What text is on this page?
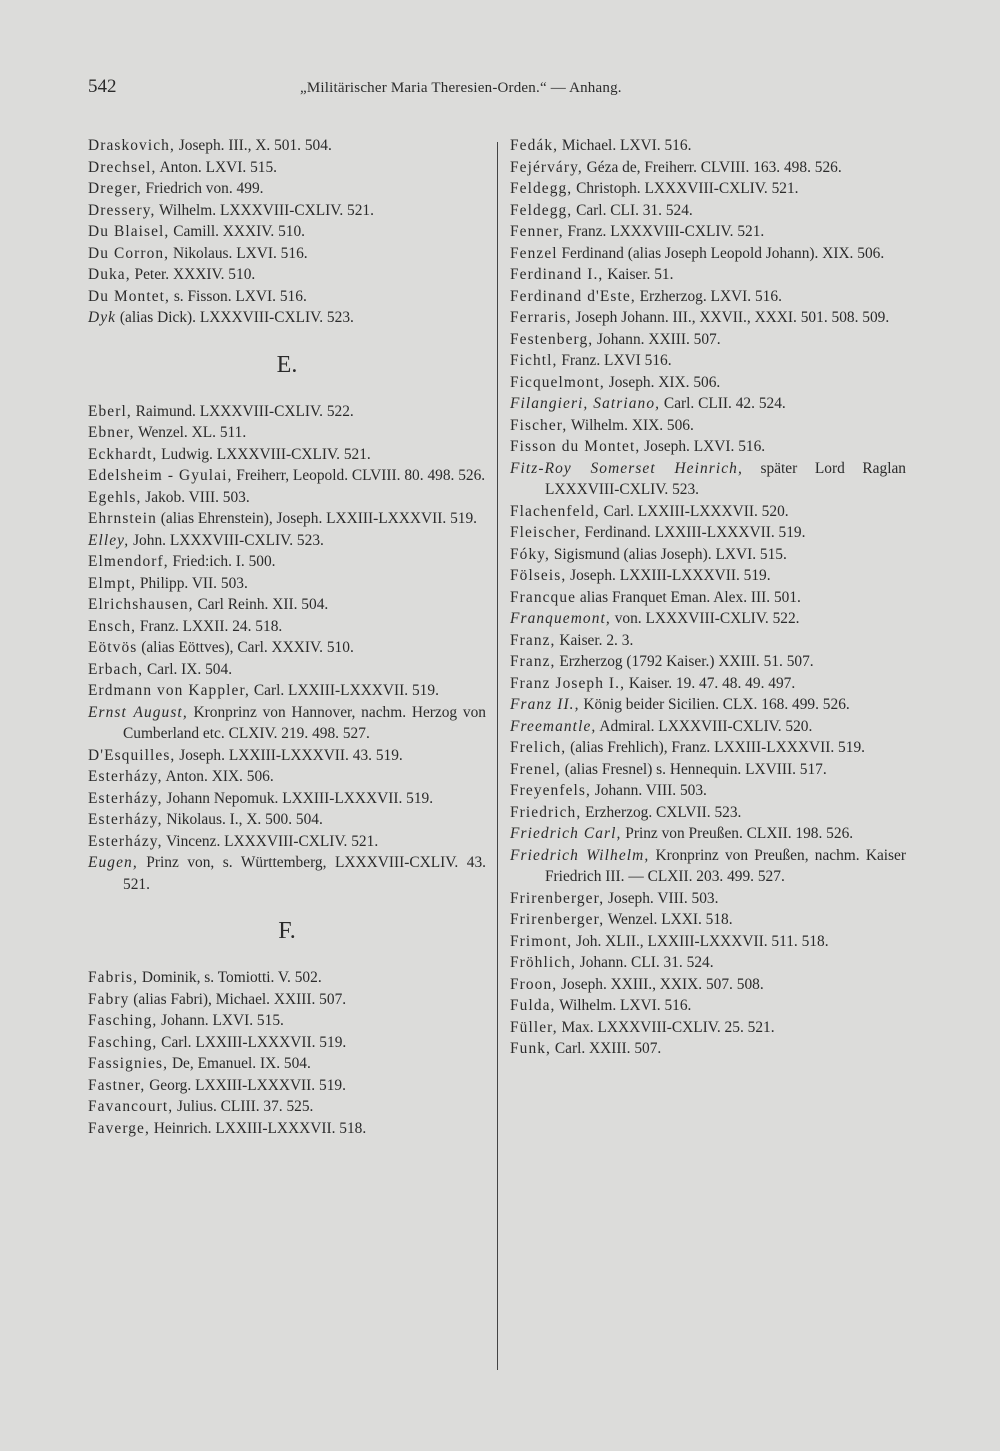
542	„Militärischer Maria Theresien-Orden.“ — Anhang.

Draskovich, Joseph. III., X. 501. 504.

Drechsel, Anton. LXVI. 515.

Dreger, Friedrich von. 499.

Dressery, Wilhelm. LXXXVIII-CXLIV. 521.

Du Blaisel, Camill. XXXIV. 510.

Du Corron, Nikolaus. LXVI. 516.

Duka, Peter. XXXIV. 510.

Du Montet, s. Fisson. LXVI. 516.

Dyk (alias Dick). LXXXVIII-CXLIV. 523.

E.

Eberl, Raimund. LXXXVIII-CXLIV. 522.

Ebner, Wenzel. XL. 511.

Eckhardt, Ludwig. LXXXVIII-CXLIV. 521.

Edelsheim - Gyulai, Freiherr, Leopold. CLVIII. 80. 498. 526.

Egehls, Jakob. VIII. 503.

Ehrnstein (alias Ehrenstein), Joseph. LXXIII-LXXXVII. 519.

Elley, John. LXXXVIII-CXLIV. 523.

Elmendorf, Fried:ich. I. 500.

Elmpt, Philipp. VII. 503.

Elrichshausen, Carl Reinh. XII. 504.

Ensch, Franz. LXXII. 24. 518.

Eötvös (alias Eöttves), Carl. XXXIV. 510.

Erbach, Carl. IX. 504.

Erdmann von Kappler, Carl. LXXIII-LXXXVII. 519.

Ernst August, Kronprinz von Hannover, nachm. Herzog von Cumberland etc. CLXIV. 219. 498. 527.

D'Esquilles, Joseph. LXXIII-LXXXVII. 43. 519.

Esterházy, Anton. XIX. 506.

Esterházy, Johann Nepomuk. LXXIII-LXXXVII. 519.

Esterházy, Nikolaus. I., X. 500. 504.

Esterházy, Vincenz. LXXXVIII-CXLIV. 521.

Eugen, Prinz von, s. Württemberg, LXXXVIII-CXLIV. 43. 521.

F.

Fabris, Dominik, s. Tomiotti. V. 502.

Fabry (alias Fabri), Michael. XXIII. 507.

Fasching, Johann. LXVI. 515.

Fasching, Carl. LXXIII-LXXXVII. 519.

Fassignies, De, Emanuel. IX. 504.

Fastner, Georg. LXXIII-LXXXVII. 519.

Favancourt, Julius. CLIII. 37. 525.

Faverge, Heinrich. LXXIII-LXXXVII. 518.

Fedák, Michael. LXVI. 516.

Fejérváry, Géza de, Freiherr. CLVIII. 163. 498. 526.

Feldegg, Christoph. LXXXVIII-CXLIV. 521.

Feldegg, Carl. CLI. 31. 524.

Fenner, Franz. LXXXVIII-CXLIV. 521.

Fenzel Ferdinand (alias Joseph Leopold Johann). XIX. 506.

Ferdinand I., Kaiser. 51.

Ferdinand d'Este, Erzherzog. LXVI. 516.

Ferraris, Joseph Johann. III., XXVII., XXXI. 501. 508. 509.

Festenberg, Johann. XXIII. 507.

Fichtl, Franz. LXVI 516.

Ficquelmont, Joseph. XIX. 506.

Filangieri, Satriano, Carl. CLII. 42. 524.

Fischer, Wilhelm. XIX. 506.

Fisson du Montet, Joseph. LXVI. 516.

Fitz-Roy Somerset Heinrich, später Lord Raglan LXXXVIII-CXLIV. 523.

Flachenfeld, Carl. LXXIII-LXXXVII. 520.

Fleischer, Ferdinand. LXXIII-LXXXVII. 519.

Fóky, Sigismund (alias Joseph). LXVI. 515.

Fölseis, Joseph. LXXIII-LXXXVII. 519.

Francque alias Franquet Eman. Alex. III. 501.

Franquemont, von. LXXXVIII-CXLIV. 522.

Franz, Kaiser. 2. 3.

Franz, Erzherzog (1792 Kaiser.) XXIII. 51. 507.

Franz Joseph I., Kaiser. 19. 47. 48. 49. 497.

Franz II., König beider Sicilien. CLX. 168. 499. 526.

Freemantle, Admiral. LXXXVIII-CXLIV. 520.

Frelich, (alias Frehlich), Franz. LXXIII-LXXXVII. 519.

Frenel, (alias Fresnel) s. Hennequin. LXVIII. 517.

Freyenfels, Johann. VIII. 503.

Friedrich, Erzherzog. CXLVII. 523.

Friedrich Carl, Prinz von Preußen. CLXII. 198. 526.

Friedrich Wilhelm, Kronprinz von Preußen, nachm. Kaiser Friedrich III. — CLXII. 203. 499. 527.

Frirenberger, Joseph. VIII. 503.

Frirenberger, Wenzel. LXXI. 518.

Frimont, Joh. XLII., LXXIII-LXXXVII. 511. 518.

Fröhlich, Johann. CLI. 31. 524.

Froon, Joseph. XXIII., XXIX. 507. 508.

Fulda, Wilhelm. LXVI. 516.

Füller, Max. LXXXVIII-CXLIV. 25. 521.

Funk, Carl. XXIII. 507.
